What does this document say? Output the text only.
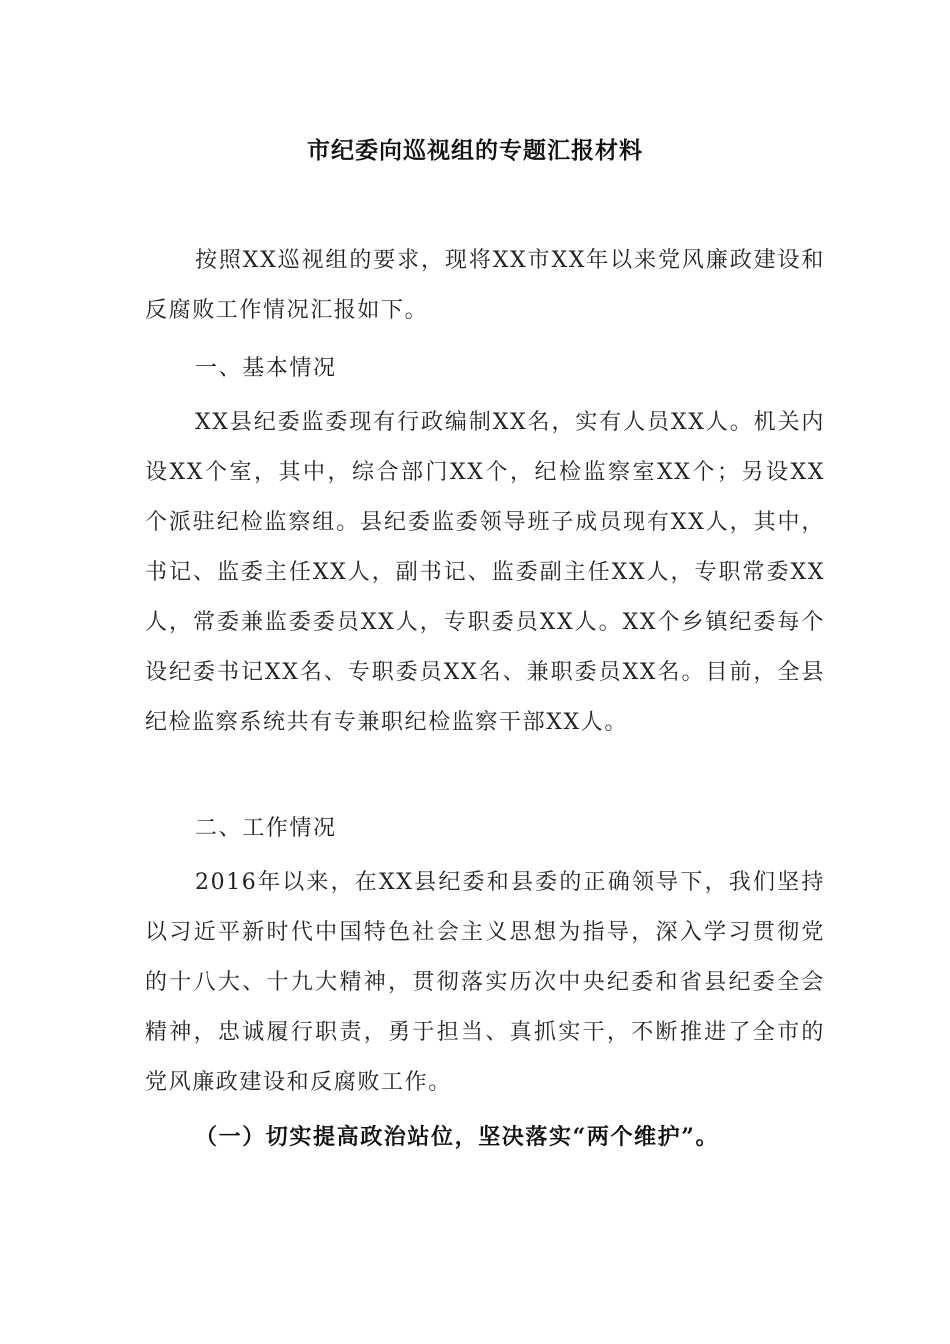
市纪委向巡视组的专题汇报材料
按照XX巡视组的要求，现将XX市XX年以来党风廉政建设和反腐败工作情况汇报如下。
一、基本情况
XX县纪委监委现有行政编制XX名，实有人员XX人。机关内设XX个室，其中，综合部门XX个，纪检监察室XX个；另设XX个派驻纪检监察组。县纪委监委领导班子成员现有XX人，其中，书记、监委主任XX人，副书记、监委副主任XX人，专职常委XX人，常委兼监委委员XX人，专职委员XX人。XX个乡镇纪委每个设纪委书记XX名、专职委员XX名、兼职委员XX名。目前，全县纪检监察系统共有专兼职纪检监察干部XX人。
二、工作情况
2016年以来，在XX县纪委和县委的正确领导下，我们坚持以习近平新时代中国特色社会主义思想为指导，深入学习贯彻党的十八大、十九大精神，贯彻落实历次中央纪委和省县纪委全会精神，忠诚履行职责，勇于担当、真抓实干，不断推进了全市的党风廉政建设和反腐败工作。
（一）切实提高政治站位，坚决落实“两个维护”。
